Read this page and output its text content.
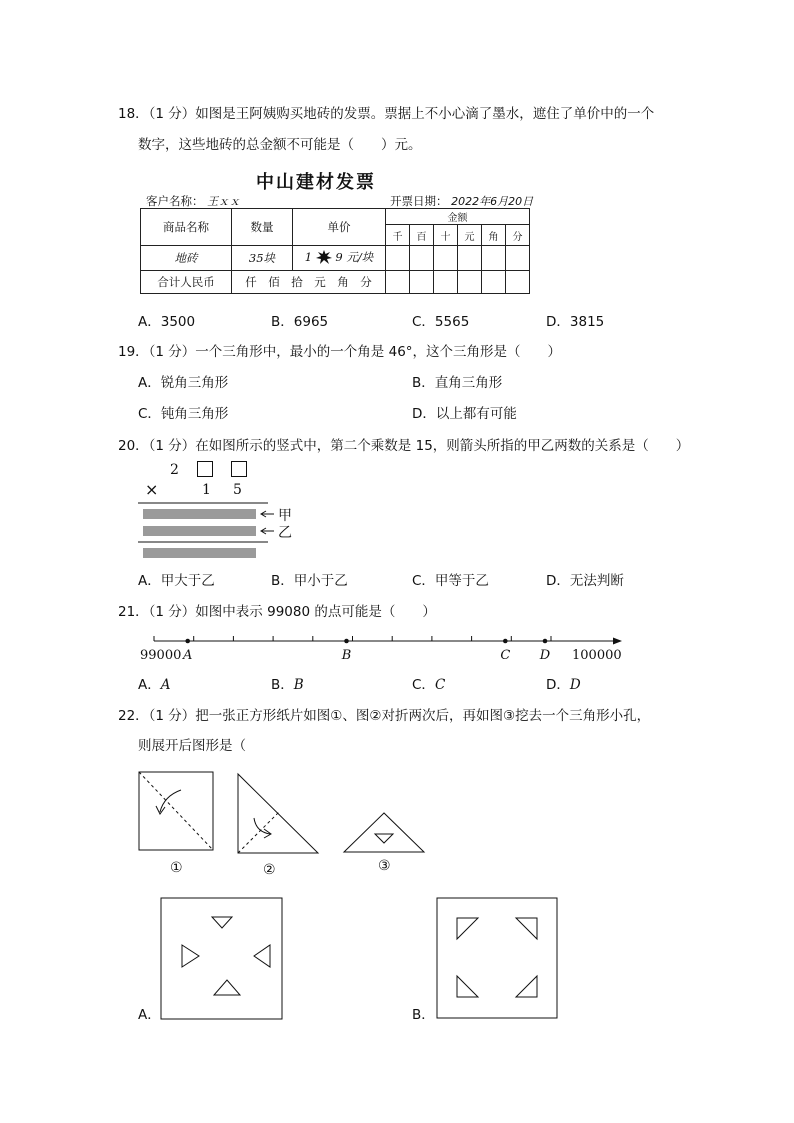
18．（1 分）如图是王阿姨购买地砖的发票。票据上不小心滴了墨水，遮住了单价中的一个
数字，这些地砖的总金额不可能是（　　）元。
中山建材发票
客户名称： 王ｘｘ	开票日期： 2022年6月20日
商品名称	数量	单价	金额					
			千	百	十	元	角	分
地砖	35块	1 9 元/块						
合计人民币	仟　佰　拾　元　角　分							
A．3500	B．6965	C．5565	D．3815
19．（1 分）一个三角形中，最小的一个角是 46°，这个三角形是（　　）
A．锐角三角形	B．直角三角形
C．钝角三角形	D．以上都有可能
20．（1 分）在如图所示的竖式中，第二个乘数是 15，则箭头所指的甲乙两数的关系是（　　）
2
×	1 5
甲
乙
A．甲大于乙	B．甲小于乙	C．甲等于乙	D．无法判断
21．（1 分）如图中表示 99080 的点可能是（　　）
A	B	C D
99000	100000
A．A	B．B	C．C	D．D
22．（1 分）把一张正方形纸片如图①、图②对折两次后，再如图③挖去一个三角形小孔，
则展开后图形是（
①	②	③
A．	B．
